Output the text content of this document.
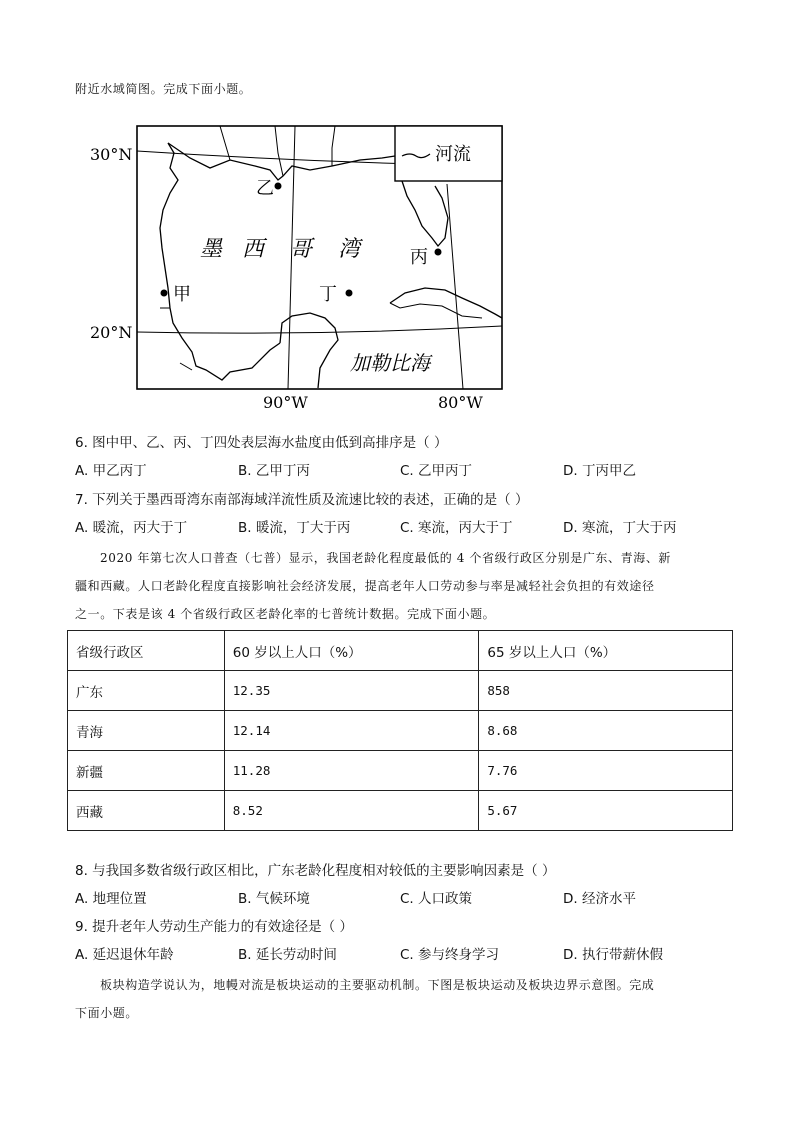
附近水域简图。完成下面小题。
河流
30°N
20°N
90°W	80°W
墨 西 哥 湾
加勒比海
乙
甲
丙
丁
6. 图中甲、乙、丙、丁四处表层海水盐度由低到高排序是（ ）
A. 甲乙丙丁	B. 乙甲丁丙	C. 乙甲丙丁	D. 丁丙甲乙
7. 下列关于墨西哥湾东南部海域洋流性质及流速比较的表述，正确的是（ ）
A. 暖流，丙大于丁	B. 暖流，丁大于丙	C. 寒流，丙大于丁	D. 寒流，丁大于丙
2020 年第七次人口普查（七普）显示，我国老龄化程度最低的 4 个省级行政区分别是广东、青海、新
疆和西藏。人口老龄化程度直接影响社会经济发展，提高老年人口劳动参与率是减轻社会负担的有效途径
之一。下表是该 4 个省级行政区老龄化率的七普统计数据。完成下面小题。
省级行政区	60 岁以上人口（%）	65 岁以上人口（%）
广东	12.35	858
青海	12.14	8.68
新疆	11.28	7.76
西藏	8.52	5.67
8. 与我国多数省级行政区相比，广东老龄化程度相对较低的主要影响因素是（ ）
A. 地理位置	B. 气候环境	C. 人口政策	D. 经济水平
9. 提升老年人劳动生产能力的有效途径是（ ）
A. 延迟退休年龄	B. 延长劳动时间	C. 参与终身学习	D. 执行带薪休假
板块构造学说认为，地幔对流是板块运动的主要驱动机制。下图是板块运动及板块边界示意图。完成
下面小题。
